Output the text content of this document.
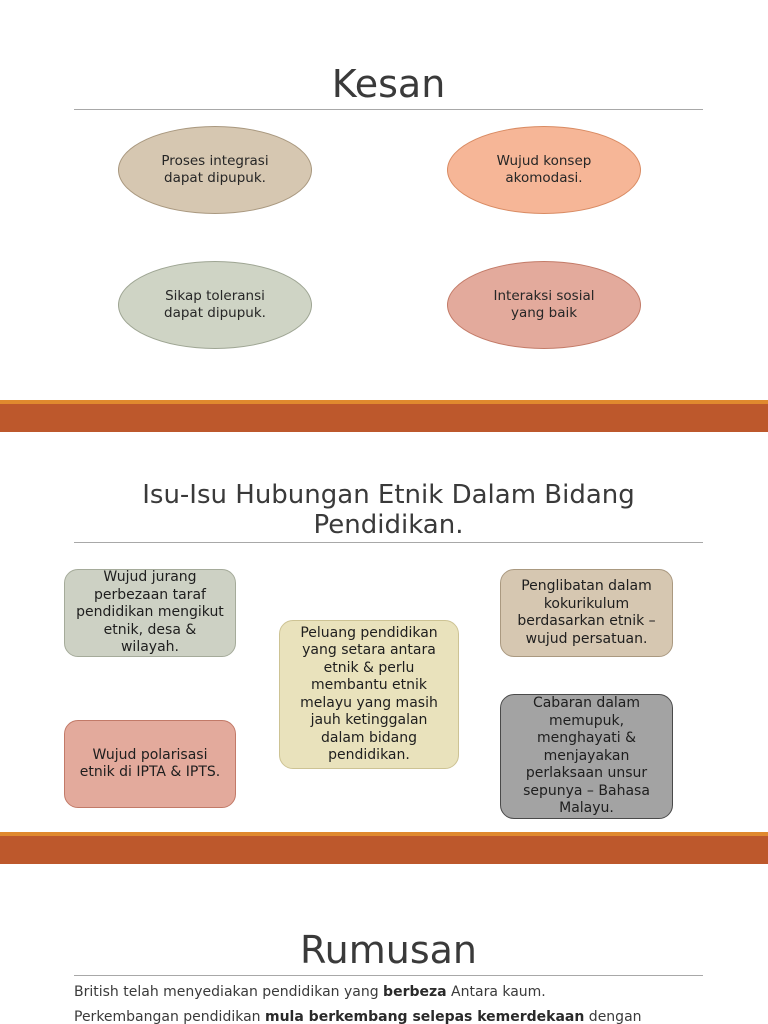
Kesan
Proses integrasi
dapat dipupuk.
Wujud konsep
akomodasi.
Sikap toleransi
dapat dipupuk.
Interaksi sosial
yang baik
Isu-Isu Hubungan Etnik Dalam Bidang
Pendidikan.
Wujud jurang
perbezaan taraf
pendidikan mengikut
etnik, desa &
wilayah.
Wujud polarisasi
etnik di IPTA & IPTS.
Peluang pendidikan
yang setara antara
etnik & perlu
membantu etnik
melayu yang masih
jauh ketinggalan
dalam bidang
pendidikan.
Penglibatan dalam
kokurikulum
berdasarkan etnik –
wujud persatuan.
Cabaran dalam
memupuk,
menghayati &
menjayakan
perlaksaan unsur
sepunya – Bahasa
Malayu.
Rumusan
British telah menyediakan pendidikan yang berbeza Antara kaum.
Perkembangan pendidikan mula berkembang selepas kemerdekaan dengan
